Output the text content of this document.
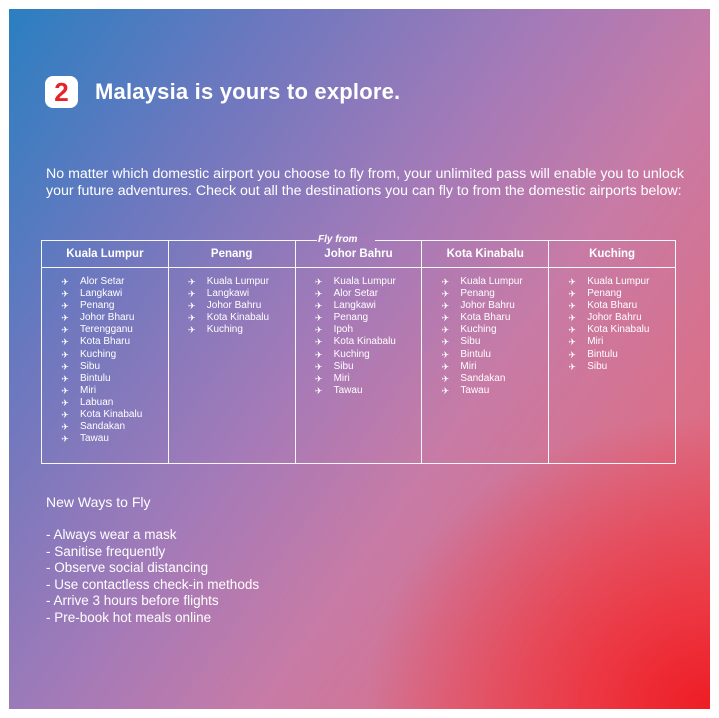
2	Malaysia is yours to explore.
No matter which domestic airport you choose to fly from, your unlimited pass will enable you to unlock your future adventures. Check out all the destinations you can fly to from the domestic airports below:
Kuala Lumpur
✈ Alor Setar
✈ Langkawi
✈ Penang
✈ Johor Bharu
✈ Terengganu
✈ Kota Bharu
✈ Kuching
✈ Sibu
✈ Bintulu
✈ Miri
✈ Labuan
✈ Kota Kinabalu
✈ Sandakan
✈ Tawau
Penang
✈ Kuala Lumpur
✈ Langkawi
✈ Johor Bahru
✈ Kota Kinabalu
✈ Kuching
Johor Bahru
✈ Kuala Lumpur
✈ Alor Setar
✈ Langkawi
✈ Penang
✈ Ipoh
✈ Kota Kinabalu
✈ Kuching
✈ Sibu
✈ Miri
✈ Tawau
Kota Kinabalu
✈ Kuala Lumpur
✈ Penang
✈ Johor Bahru
✈ Kota Bharu
✈ Kuching
✈ Sibu
✈ Bintulu
✈ Miri
✈ Sandakan
✈ Tawau
Kuching
✈ Kuala Lumpur
✈ Penang
✈ Kota Bharu
✈ Johor Bahru
✈ Kota Kinabalu
✈ Miri
✈ Bintulu
✈ Sibu
Fly from
New Ways to Fly
- Always wear a mask
- Sanitise frequently
- Observe social distancing
- Use contactless check-in methods
- Arrive 3 hours before flights
- Pre-book hot meals online
